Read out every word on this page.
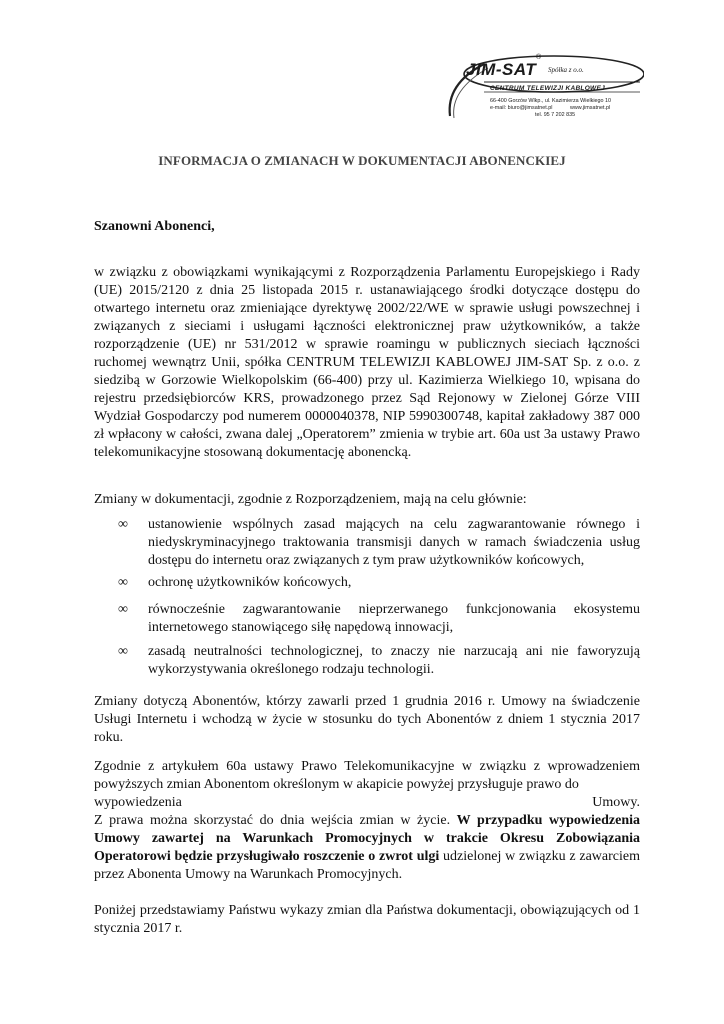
JIM-SAT
®
Spółka z o.o.
CENTRUM TELEWIZJI KABLOWEJ
66-400 Gorzów Wlkp., ul. Kazimierza Wielkiego 10
e-mail: biuro@jimsatnet.pl	www.jimsatnet.pl
tel. 95 7 202 835
INFORMACJA O ZMIANACH W DOKUMENTACJI ABONENCKIEJ
Szanowni Abonenci,
w związku z obowiązkami wynikającymi z Rozporządzenia Parlamentu Europejskiego i Rady (UE) 2015/2120 z dnia 25 listopada 2015 r. ustanawiającego środki dotyczące dostępu do otwartego internetu oraz zmieniające dyrektywę 2002/22/WE w sprawie usługi powszechnej i związanych z sieciami i usługami łączności elektronicznej praw użytkowników, a także rozporządzenie (UE) nr 531/2012 w sprawie roamingu w publicznych sieciach łączności ruchomej wewnątrz Unii, spółka CENTRUM TELEWIZJI KABLOWEJ JIM-SAT Sp. z o.o. z siedzibą w Gorzowie Wielkopolskim (66-400) przy ul. Kazimierza Wielkiego 10, wpisana do rejestru przedsiębiorców KRS, prowadzonego przez Sąd Rejonowy w Zielonej Górze VIII Wydział Gospodarczy pod numerem 0000040378, NIP 5990300748, kapitał zakładowy 387 000 zł wpłacony w całości, zwana dalej „Operatorem” zmienia w trybie art. 60a ust 3a ustawy Prawo telekomunikacyjne stosowaną dokumentację abonencką.
Zmiany w dokumentacji, zgodnie z Rozporządzeniem, mają na celu głównie:
∞ ustanowienie wspólnych zasad mających na celu zagwarantowanie równego i niedyskryminacyjnego traktowania transmisji danych w ramach świadczenia usług dostępu do internetu oraz związanych z tym praw użytkowników końcowych,
∞ ochronę użytkowników końcowych,
∞ równocześnie zagwarantowanie nieprzerwanego funkcjonowania ekosystemu internetowego stanowiącego siłę napędową innowacji,
∞ zasadą neutralności technologicznej, to znaczy nie narzucają ani nie faworyzują wykorzystywania określonego rodzaju technologii.
Zmiany dotyczą Abonentów, którzy zawarli przed 1 grudnia 2016 r. Umowy na świadczenie Usługi Internetu i wchodzą w życie w stosunku do tych Abonentów z dniem 1 stycznia 2017 roku.
Zgodnie z artykułem 60a ustawy Prawo Telekomunikacyjne w związku z wprowadzeniem powyższych zmian Abonentom określonym w akapicie powyżej przysługuje prawo do
wypowiedzenia	Umowy.
Z prawa można skorzystać do dnia wejścia zmian w życie. W przypadku wypowiedzenia Umowy zawartej na Warunkach Promocyjnych w trakcie Okresu Zobowiązania Operatorowi będzie przysługiwało roszczenie o zwrot ulgi udzielonej w związku z zawarciem przez Abonenta Umowy na Warunkach Promocyjnych.
Poniżej przedstawiamy Państwu wykazy zmian dla Państwa dokumentacji, obowiązujących od 1 stycznia 2017 r.
